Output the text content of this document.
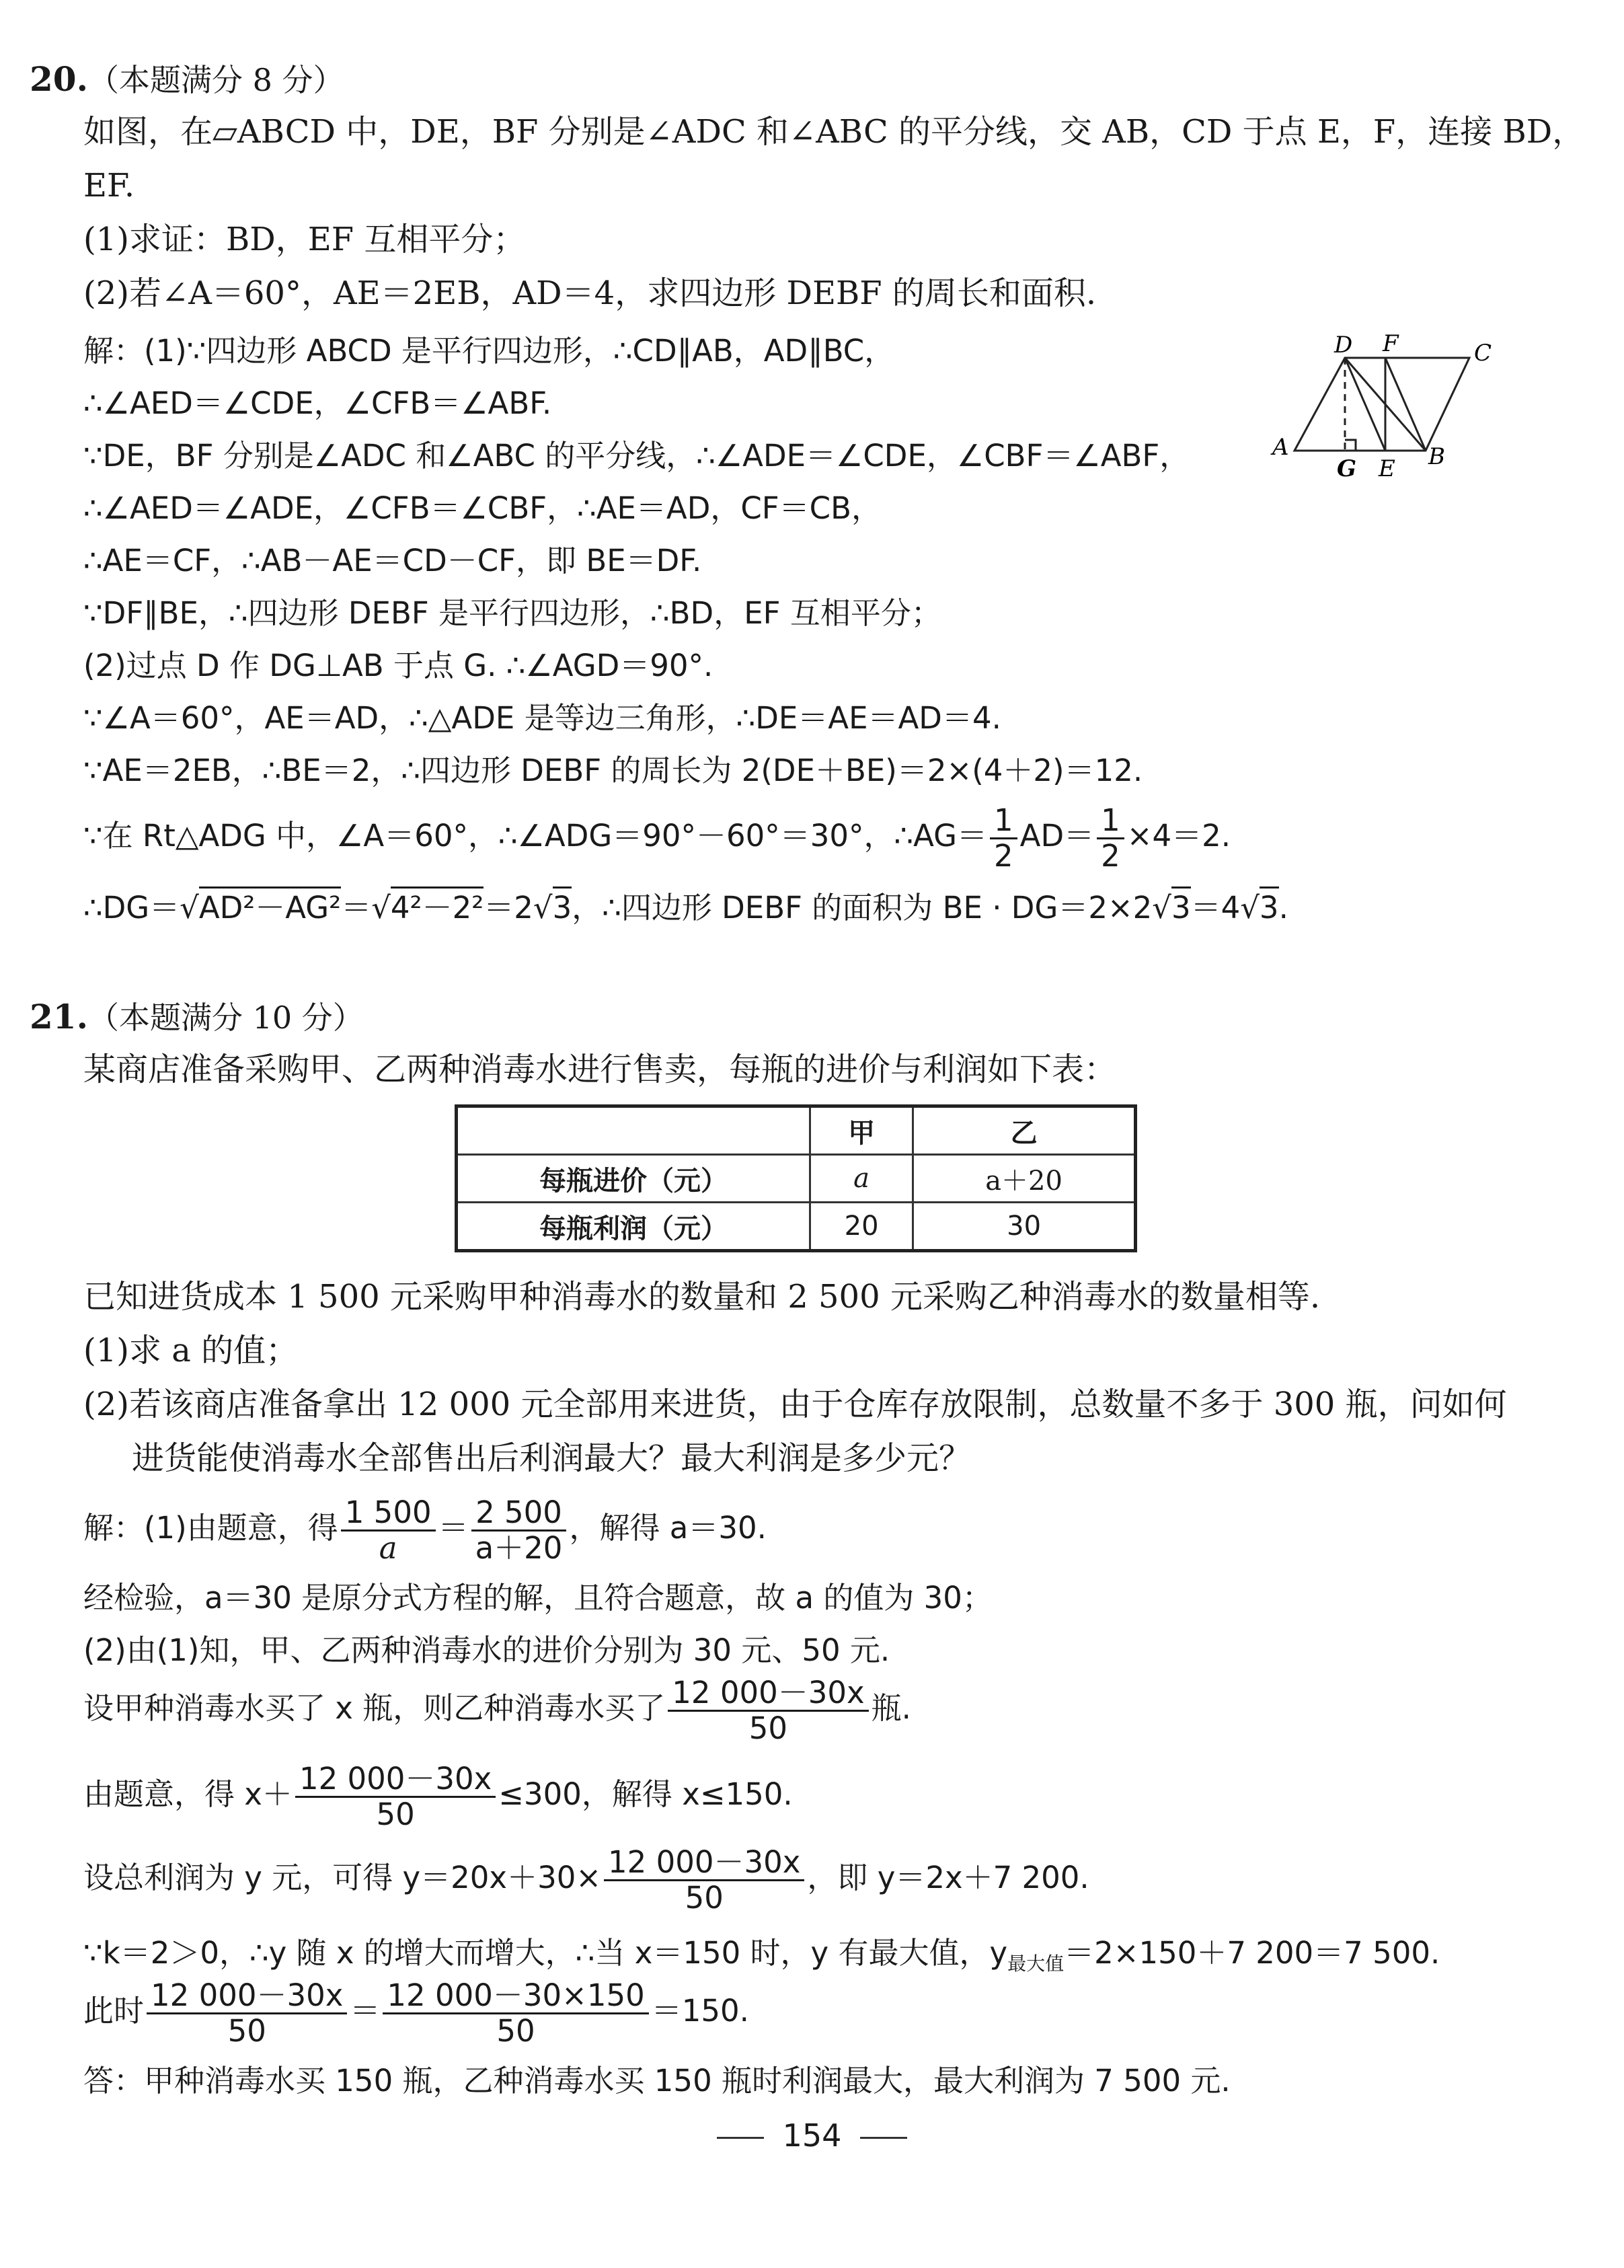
20.（本题满分 8 分）
如图，在▱ABCD 中，DE，BF 分别是∠ADC 和∠ABC 的平分线，交 AB，CD 于点 E，F，连接 BD，
EF.
(1)求证：BD，EF 互相平分；
(2)若∠A＝60°，AE＝2EB，AD＝4，求四边形 DEBF 的周长和面积.
解：(1)∵四边形 ABCD 是平行四边形，∴CD∥AB，AD∥BC，
∴∠AED＝∠CDE，∠CFB＝∠ABF.
∵DE，BF 分别是∠ADC 和∠ABC 的平分线，∴∠ADE＝∠CDE，∠CBF＝∠ABF，
∴∠AED＝∠ADE，∠CFB＝∠CBF，∴AE＝AD，CF＝CB，
∴AE＝CF，∴AB－AE＝CD－CF，即 BE＝DF.
∵DF∥BE，∴四边形 DEBF 是平行四边形，∴BD，EF 互相平分；
(2)过点 D 作 DG⊥AB 于点 G. ∴∠AGD＝90°.
∵∠A＝60°，AE＝AD，∴△ADE 是等边三角形，∴DE＝AE＝AD＝4.
∵AE＝2EB，∴BE＝2，∴四边形 DEBF 的周长为 2(DE＋BE)＝2×(4＋2)＝12.
∵在 Rt△ADG 中，∠A＝60°，∴∠ADG＝90°－60°＝30°，∴AG＝ $\frac{1}{2} AD= \frac{1}{2} \times 4=2$.
∴DG＝√AD²－AG²＝√4²－2²＝2√3，∴四边形 DEBF 的面积为 BE · DG＝2×2√3＝4√3.
D F	C
A
G E B
21.（本题满分 10 分）
某商店准备采购甲、乙两种消毒水进行售卖，每瓶的进价与利润如下表：
	甲	乙
每瓶进价（元）	a	a＋20
每瓶利润（元）	20	30
已知进货成本 1 500 元采购甲种消毒水的数量和 2 500 元采购乙种消毒水的数量相等.
(1)求 a 的值；
(2)若该商店准备拿出 12 000 元全部用来进货，由于仓库存放限制，总数量不多于 300 瓶，问如何
进货能使消毒水全部售出后利润最大？最大利润是多少元？
解：(1)由题意，得 $\frac{1 500}{a} = \frac{2 500}{a+20}$ ，解得 a＝30.
经检验，a＝30 是原分式方程的解，且符合题意，故 a 的值为 30；
(2)由(1)知，甲、乙两种消毒水的进价分别为 30 元、50 元.
设甲种消毒水买了 x 瓶，则乙种消毒水买了 $\frac{12 000-30x}{50}$ 瓶.
由题意，得 $x+ \frac{12 000-30x}{50} \le 300$，解得 x≤150.
设总利润为 y 元，可得 $y=20x+30\times \frac{12 000-30x}{50}$ ，即 y＝2x＋7 200.
∵k＝2＞0，∴y 随 x 的增大而增大，∴当 x＝150 时，y 有最大值，$y_{最大值}=2\times 150+7$ 200＝7 500.
此时 $\frac{12 000-30x}{50} = \frac{12 000-30\times 150}{50} =150$.
答：甲种消毒水买 150 瓶，乙种消毒水买 150 瓶时利润最大，最大利润为 7 500 元.
154
